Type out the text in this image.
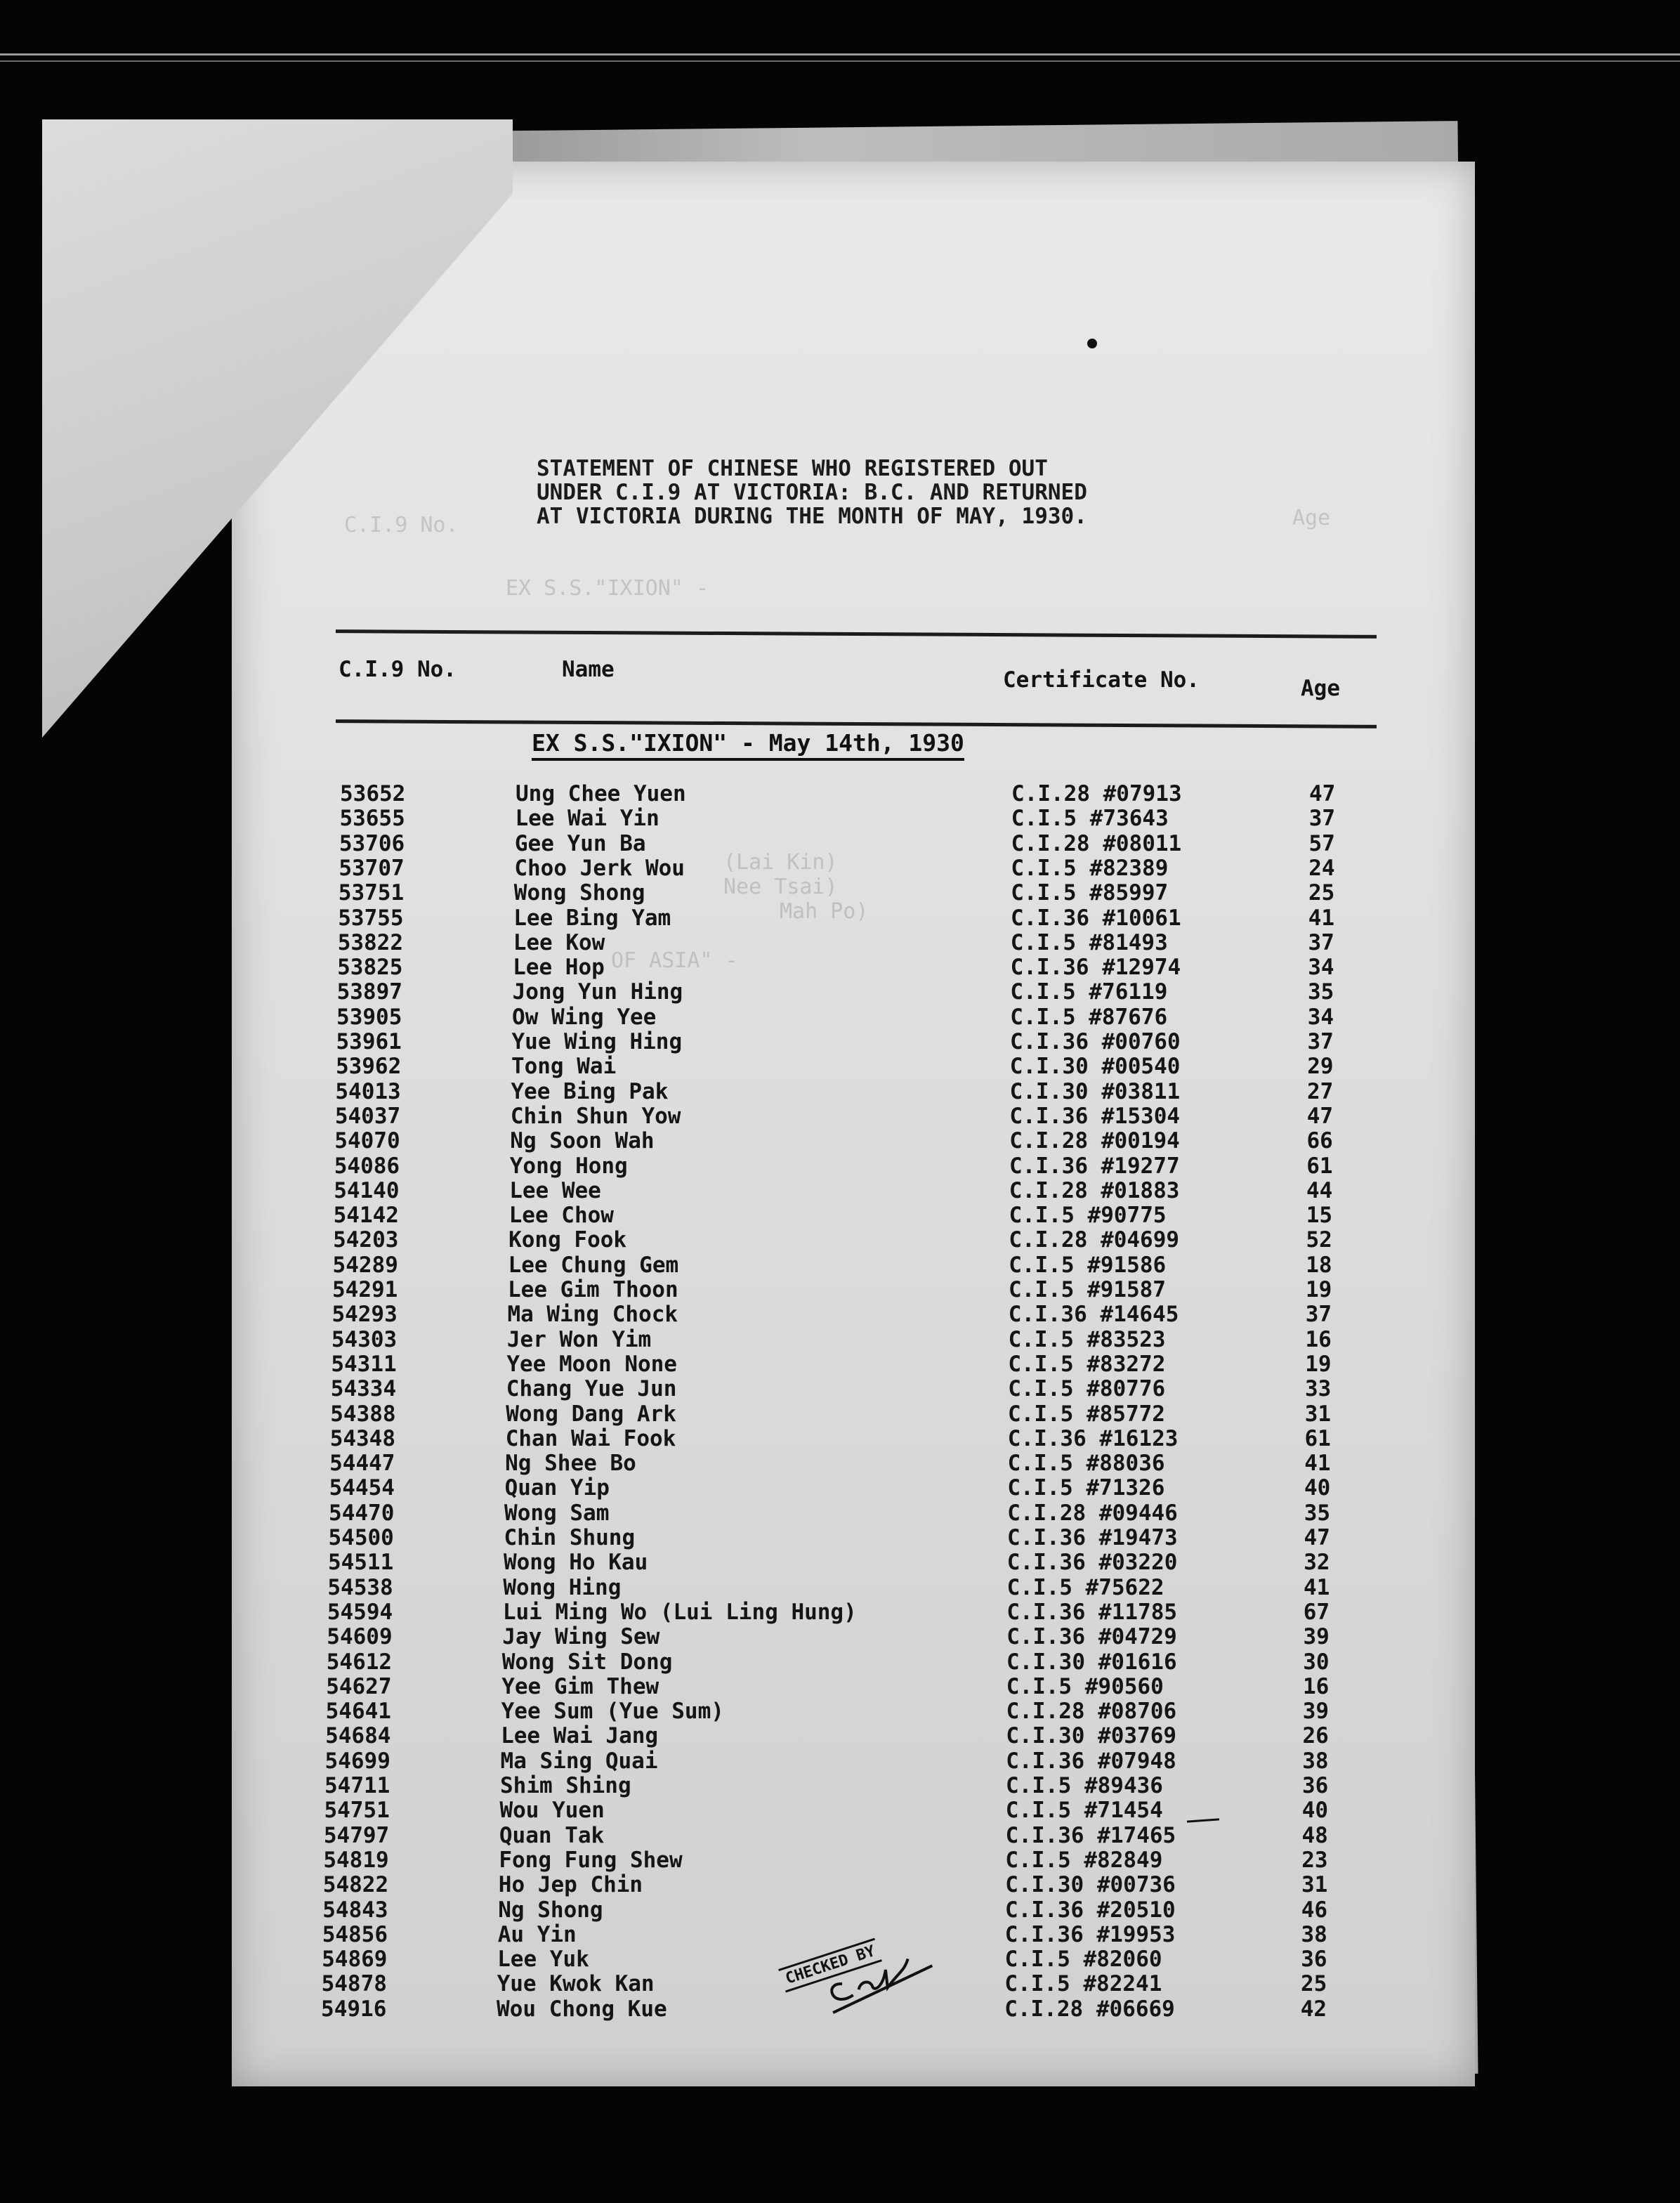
C.I.9 No.	Age
EX S.S."IXION" -
(Lai Kin)
Nee Tsai)
Mah Po)
OF ASIA" -
STATEMENT OF CHINESE WHO REGISTERED OUT
UNDER C.I.9 AT VICTORIA: B.C. AND RETURNED
AT VICTORIA DURING THE MONTH OF MAY, 1930.
C.I.9 No.	Name	Certificate No.	Age
EX S.S."IXION" - May 14th, 1930
53652	Ung Chee Yuen	C.I.28 #07913	47
53655	Lee Wai Yin	C.I.5 #73643	37
53706	Gee Yun Ba	C.I.28 #08011	57
53707	Choo Jerk Wou	C.I.5 #82389	24
53751	Wong Shong	C.I.5 #85997	25
53755	Lee Bing Yam	C.I.36 #10061	41
53822	Lee Kow	C.I.5 #81493	37
53825	Lee Hop	C.I.36 #12974	34
53897	Jong Yun Hing	C.I.5 #76119	35
53905	Ow Wing Yee	C.I.5 #87676	34
53961	Yue Wing Hing	C.I.36 #00760	37
53962	Tong Wai	C.I.30 #00540	29
54013	Yee Bing Pak	C.I.30 #03811	27
54037	Chin Shun Yow	C.I.36 #15304	47
54070	Ng Soon Wah	C.I.28 #00194	66
54086	Yong Hong	C.I.36 #19277	61
54140	Lee Wee	C.I.28 #01883	44
54142	Lee Chow	C.I.5 #90775	15
54203	Kong Fook	C.I.28 #04699	52
54289	Lee Chung Gem	C.I.5 #91586	18
54291	Lee Gim Thoon	C.I.5 #91587	19
54293	Ma Wing Chock	C.I.36 #14645	37
54303	Jer Won Yim	C.I.5 #83523	16
54311	Yee Moon None	C.I.5 #83272	19
54334	Chang Yue Jun	C.I.5 #80776	33
54388	Wong Dang Ark	C.I.5 #85772	31
54348	Chan Wai Fook	C.I.36 #16123	61
54447	Ng Shee Bo	C.I.5 #88036	41
54454	Quan Yip	C.I.5 #71326	40
54470	Wong Sam	C.I.28 #09446	35
54500	Chin Shung	C.I.36 #19473	47
54511	Wong Ho Kau	C.I.36 #03220	32
54538	Wong Hing	C.I.5 #75622	41
54594	Lui Ming Wo (Lui Ling Hung)	C.I.36 #11785	67
54609	Jay Wing Sew	C.I.36 #04729	39
54612	Wong Sit Dong	C.I.30 #01616	30
54627	Yee Gim Thew	C.I.5 #90560	16
54641	Yee Sum (Yue Sum)	C.I.28 #08706	39
54684	Lee Wai Jang	C.I.30 #03769	26
54699	Ma Sing Quai	C.I.36 #07948	38
54711	Shim Shing	C.I.5 #89436	36
54751	Wou Yuen	C.I.5 #71454	40
54797	Quan Tak	C.I.36 #17465	48
54819	Fong Fung Shew	C.I.5 #82849	23
54822	Ho Jep Chin	C.I.30 #00736	31
54843	Ng Shong	C.I.36 #20510	46
54856	Au Yin	C.I.36 #19953	38
54869	Lee Yuk	C.I.5 #82060	36
54878	Yue Kwok Kan	C.I.5 #82241	25
54916	Wou Chong Kue	C.I.28 #06669	42
CHECKED BY
